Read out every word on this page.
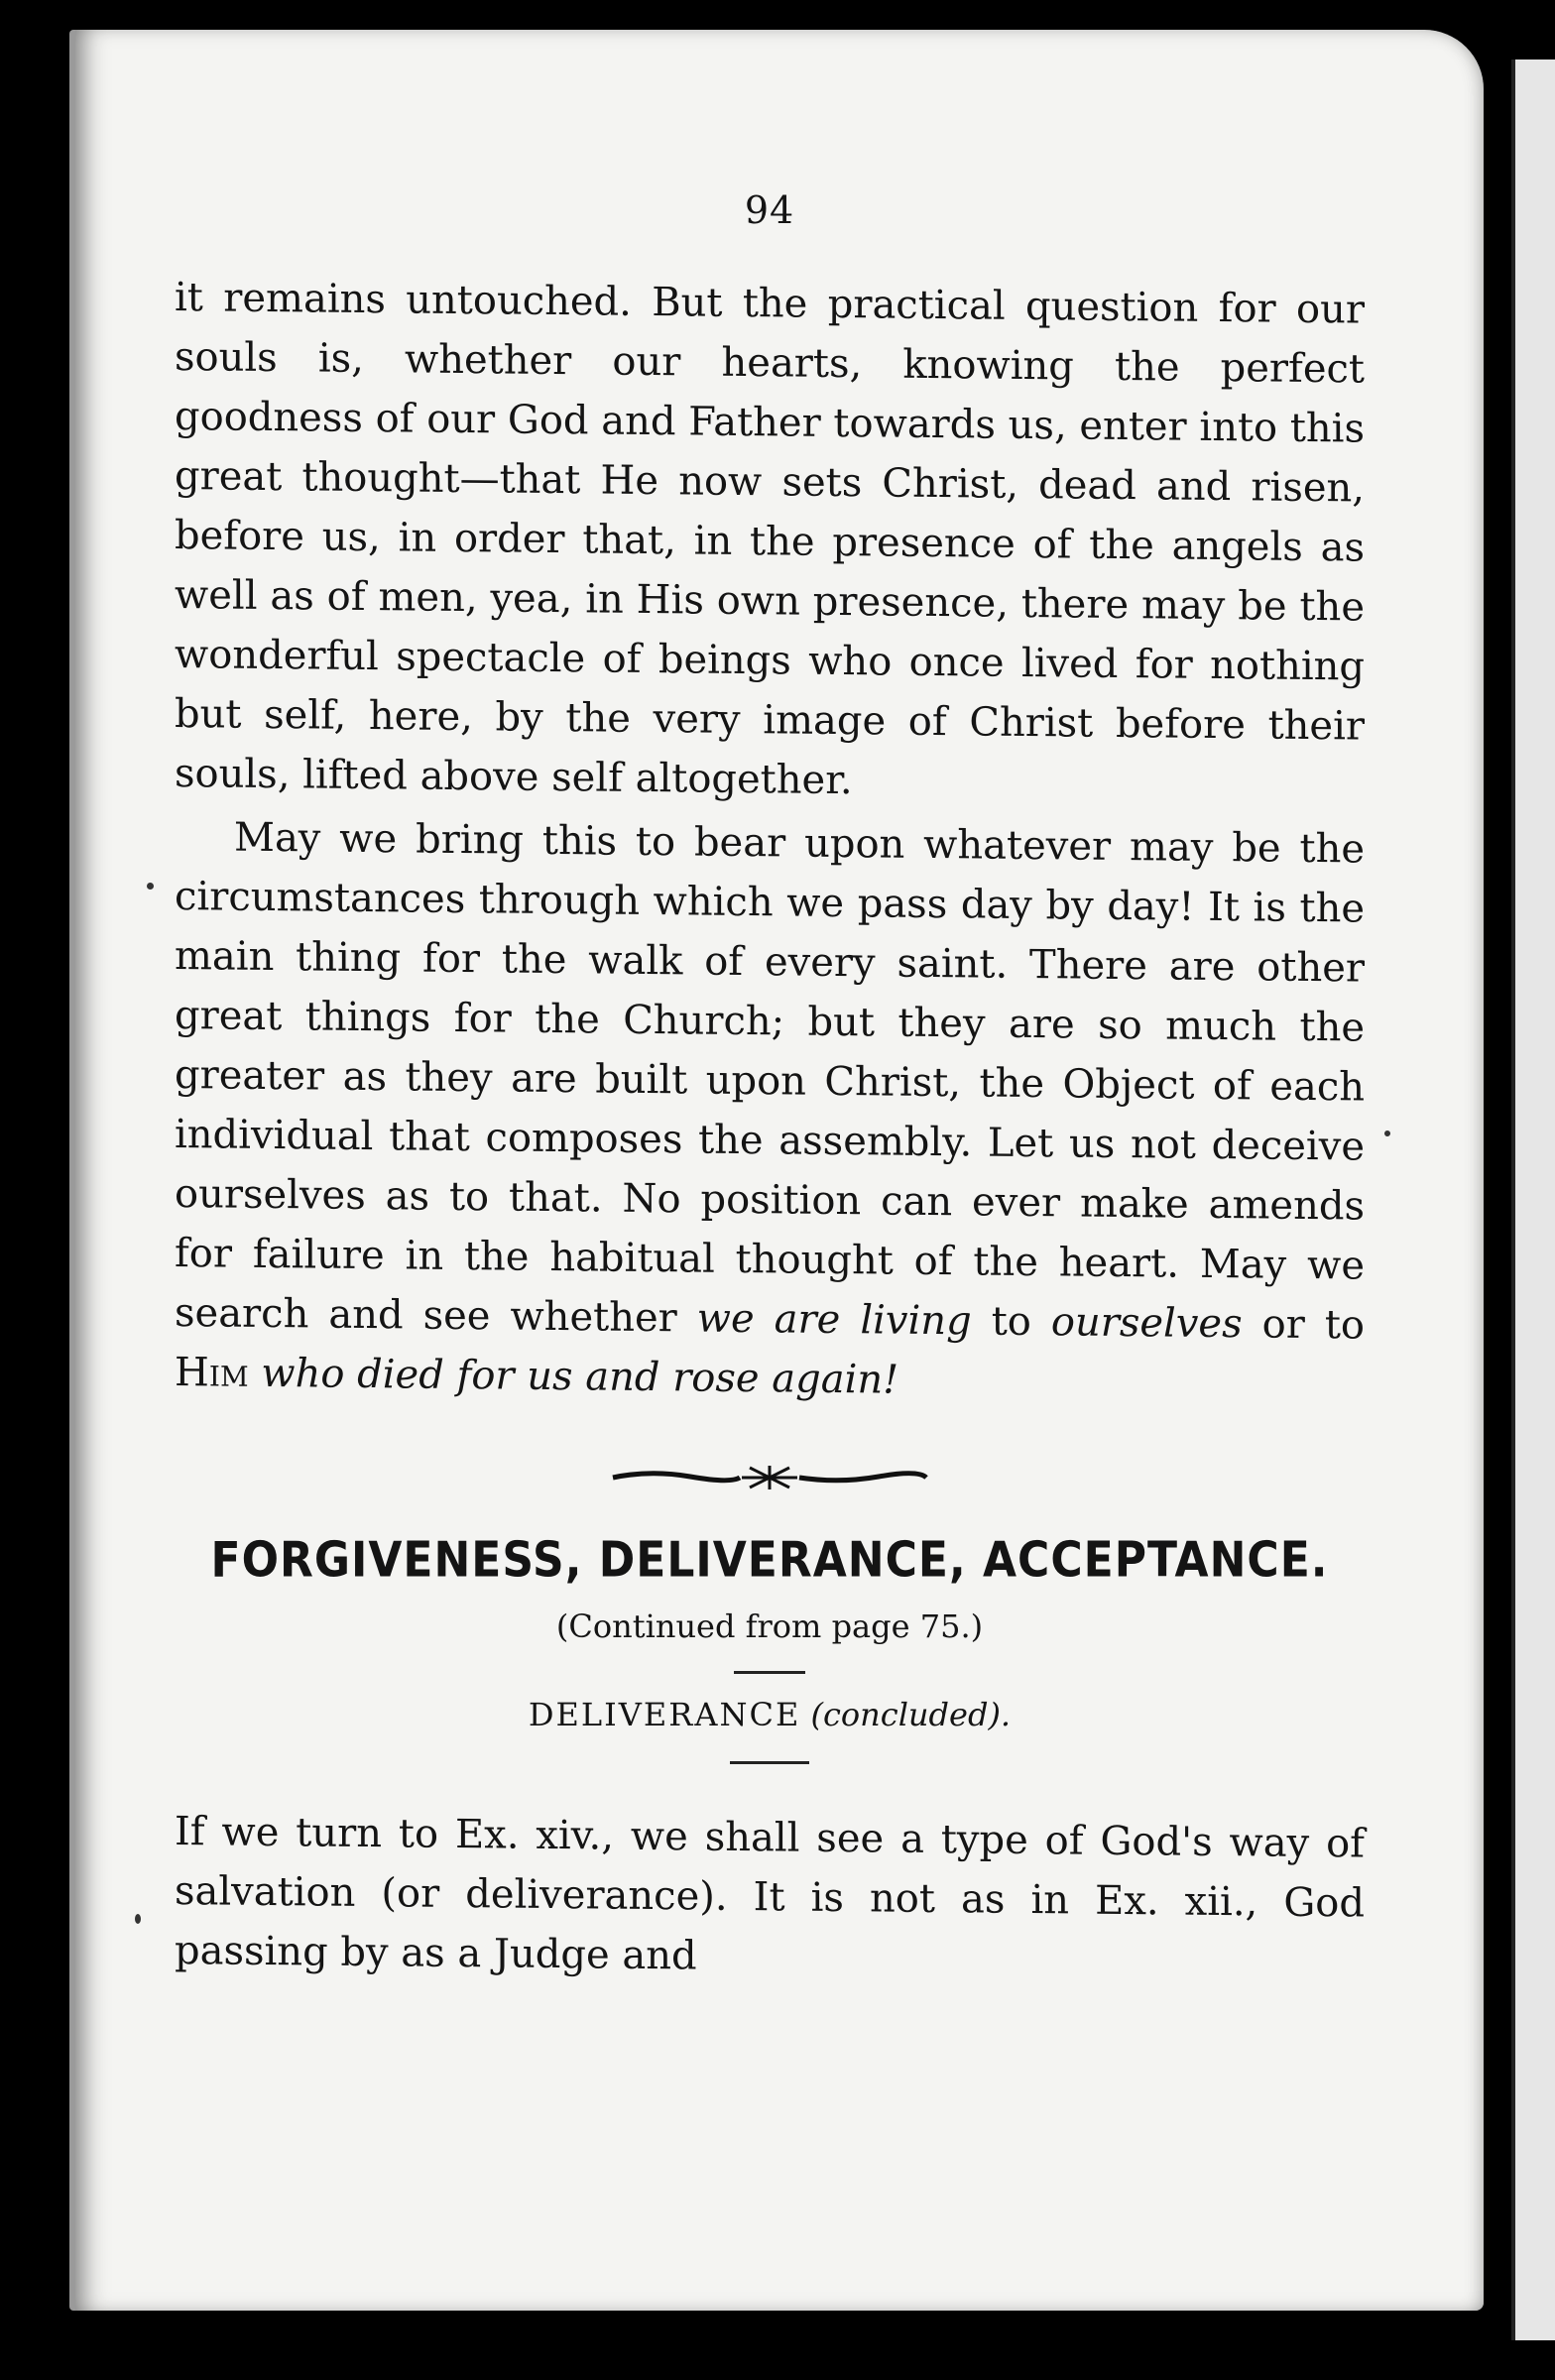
94

it remains untouched. But the practical question for our souls is, whether our hearts, knowing the perfect goodness of our God and Father towards us, enter into this great thought—that He now sets Christ, dead and risen, before us, in order that, in the presence of the angels as well as of men, yea, in His own presence, there may be the wonderful spectacle of beings who once lived for nothing but self, here, by the very image of Christ before their souls, lifted above self altogether.

May we bring this to bear upon whatever may be the circumstances through which we pass day by day! It is the main thing for the walk of every saint. There are other great things for the Church; but they are so much the greater as they are built upon Christ, the Object of each individual that composes the assembly. Let us not deceive ourselves as to that. No position can ever make amends for failure in the habitual thought of the heart. May we search and see whether we are living to ourselves or to Him who died for us and rose again!

FORGIVENESS, DELIVERANCE, ACCEPTANCE.

(Continued from page 75.)

DELIVERANCE (concluded).

If we turn to Ex. xiv., we shall see a type of God's way of salvation (or deliverance). It is not as in Ex. xii., God passing by as a Judge and
